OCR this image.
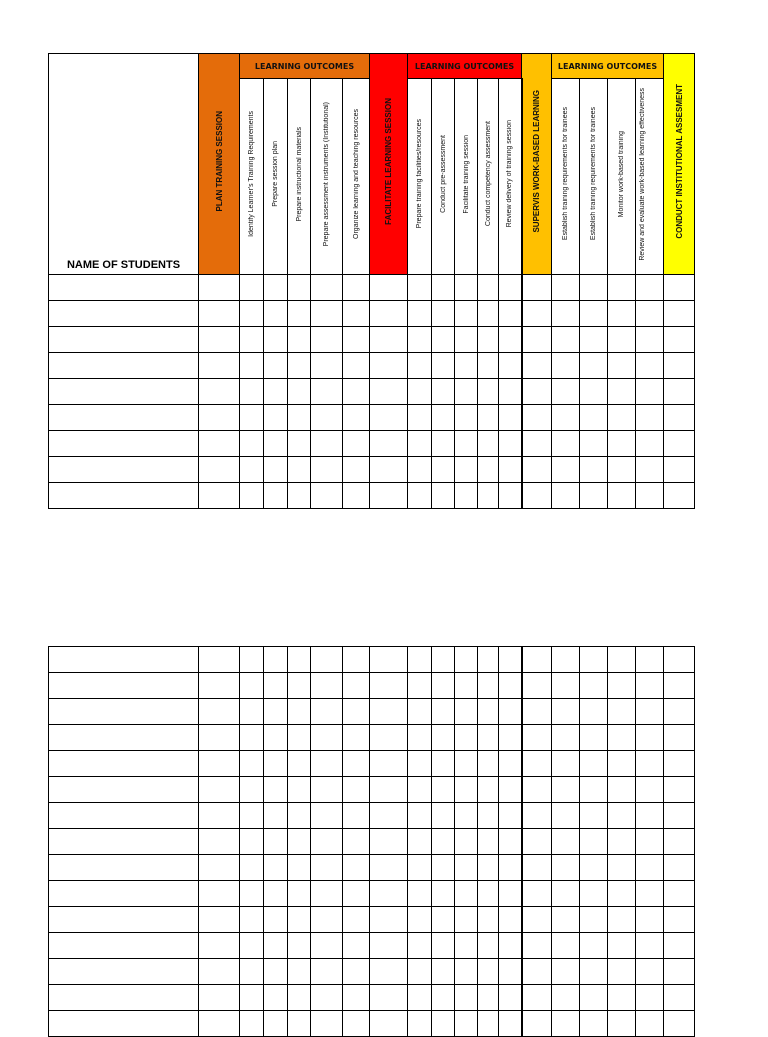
NAME OF STUDENTS	PLAN TRAINING SESSION	LEARNING OUTCOMES					FACILITATE LEARNING SESSION	LEARNING OUTCOMES					SUPERVIS WORK-BASED LEARNING	LEARNING OUTCOMES				CONDUCT INSTITUTIONAL ASSESMENT
		Identify Learner's Training Requirements	Prepare session plan	Prepare instructional materials	Prepare assessment instruments (Institutional)	Organize learning and teaching resources		Prepare training facilities/resources	Conduct pre-assessment	Facilitate training session	Conduct competency assessment	Review delivery of training session		Establish training requirements for trainees	Establish training requirements for trainees	Monitor work-based training	Review and evaluate work-based learning effectiveness	
